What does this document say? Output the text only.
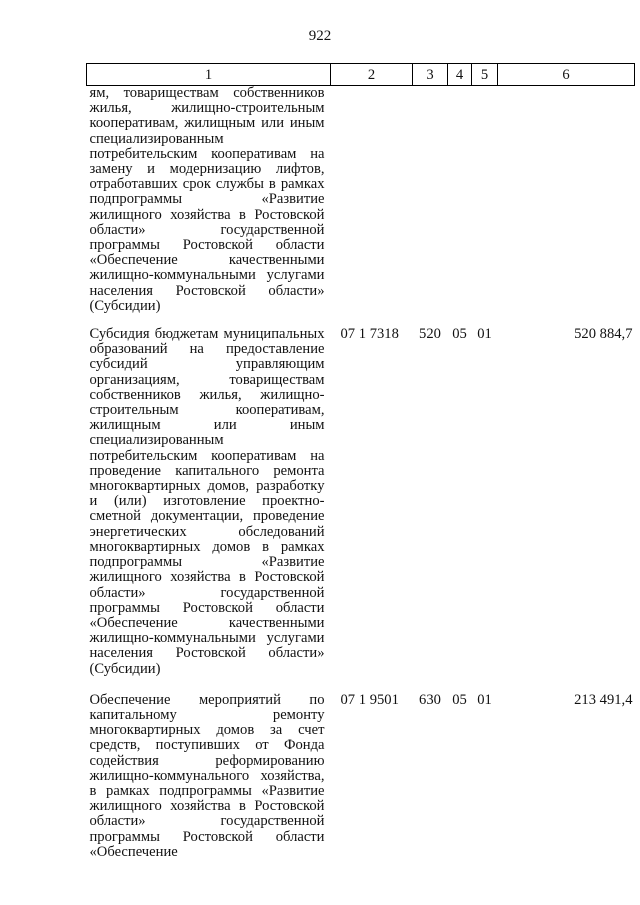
922
1	2	3	4	5	6
ям, товариществам собственников жилья, жилищно-строительным кооперативам, жилищным или иным специализированным потребительским кооперативам на замену и модернизацию лифтов, отработавших срок службы в рамках подпрограммы «Развитие жилищного хозяйства в Ростовской области» государственной программы Ростовской области «Обеспечение качественными жилищно-коммунальными услугами населения Ростовской области» (Субсидии)					
Субсидия бюджетам муниципальных образований на предоставление субсидий управляющим организациям, товариществам собственников жилья, жилищно-строительным кооперативам, жилищным или иным специализированным потребительским кооперативам на проведение капитального ремонта многоквартирных домов, разработку и (или) изготовление проектно-сметной документации, проведение энергетических обследований многоквартирных домов в рамках подпрограммы «Развитие жилищного хозяйства в Ростовской области» государственной программы Ростовской области «Обеспечение качественными жилищно-коммунальными услугами населения Ростовской области» (Субсидии)	07 1 7318	520	05	01	520 884,7
Обеспечение мероприятий по капитальному ремонту многоквартирных домов за счет средств, поступивших от Фонда содействия реформированию жилищно-коммунального хозяйства, в рамках подпрограммы «Развитие жилищного хозяйства в Ростовской области» государственной программы Ростовской области «Обеспечение	07 1 9501	630	05	01	213 491,4
